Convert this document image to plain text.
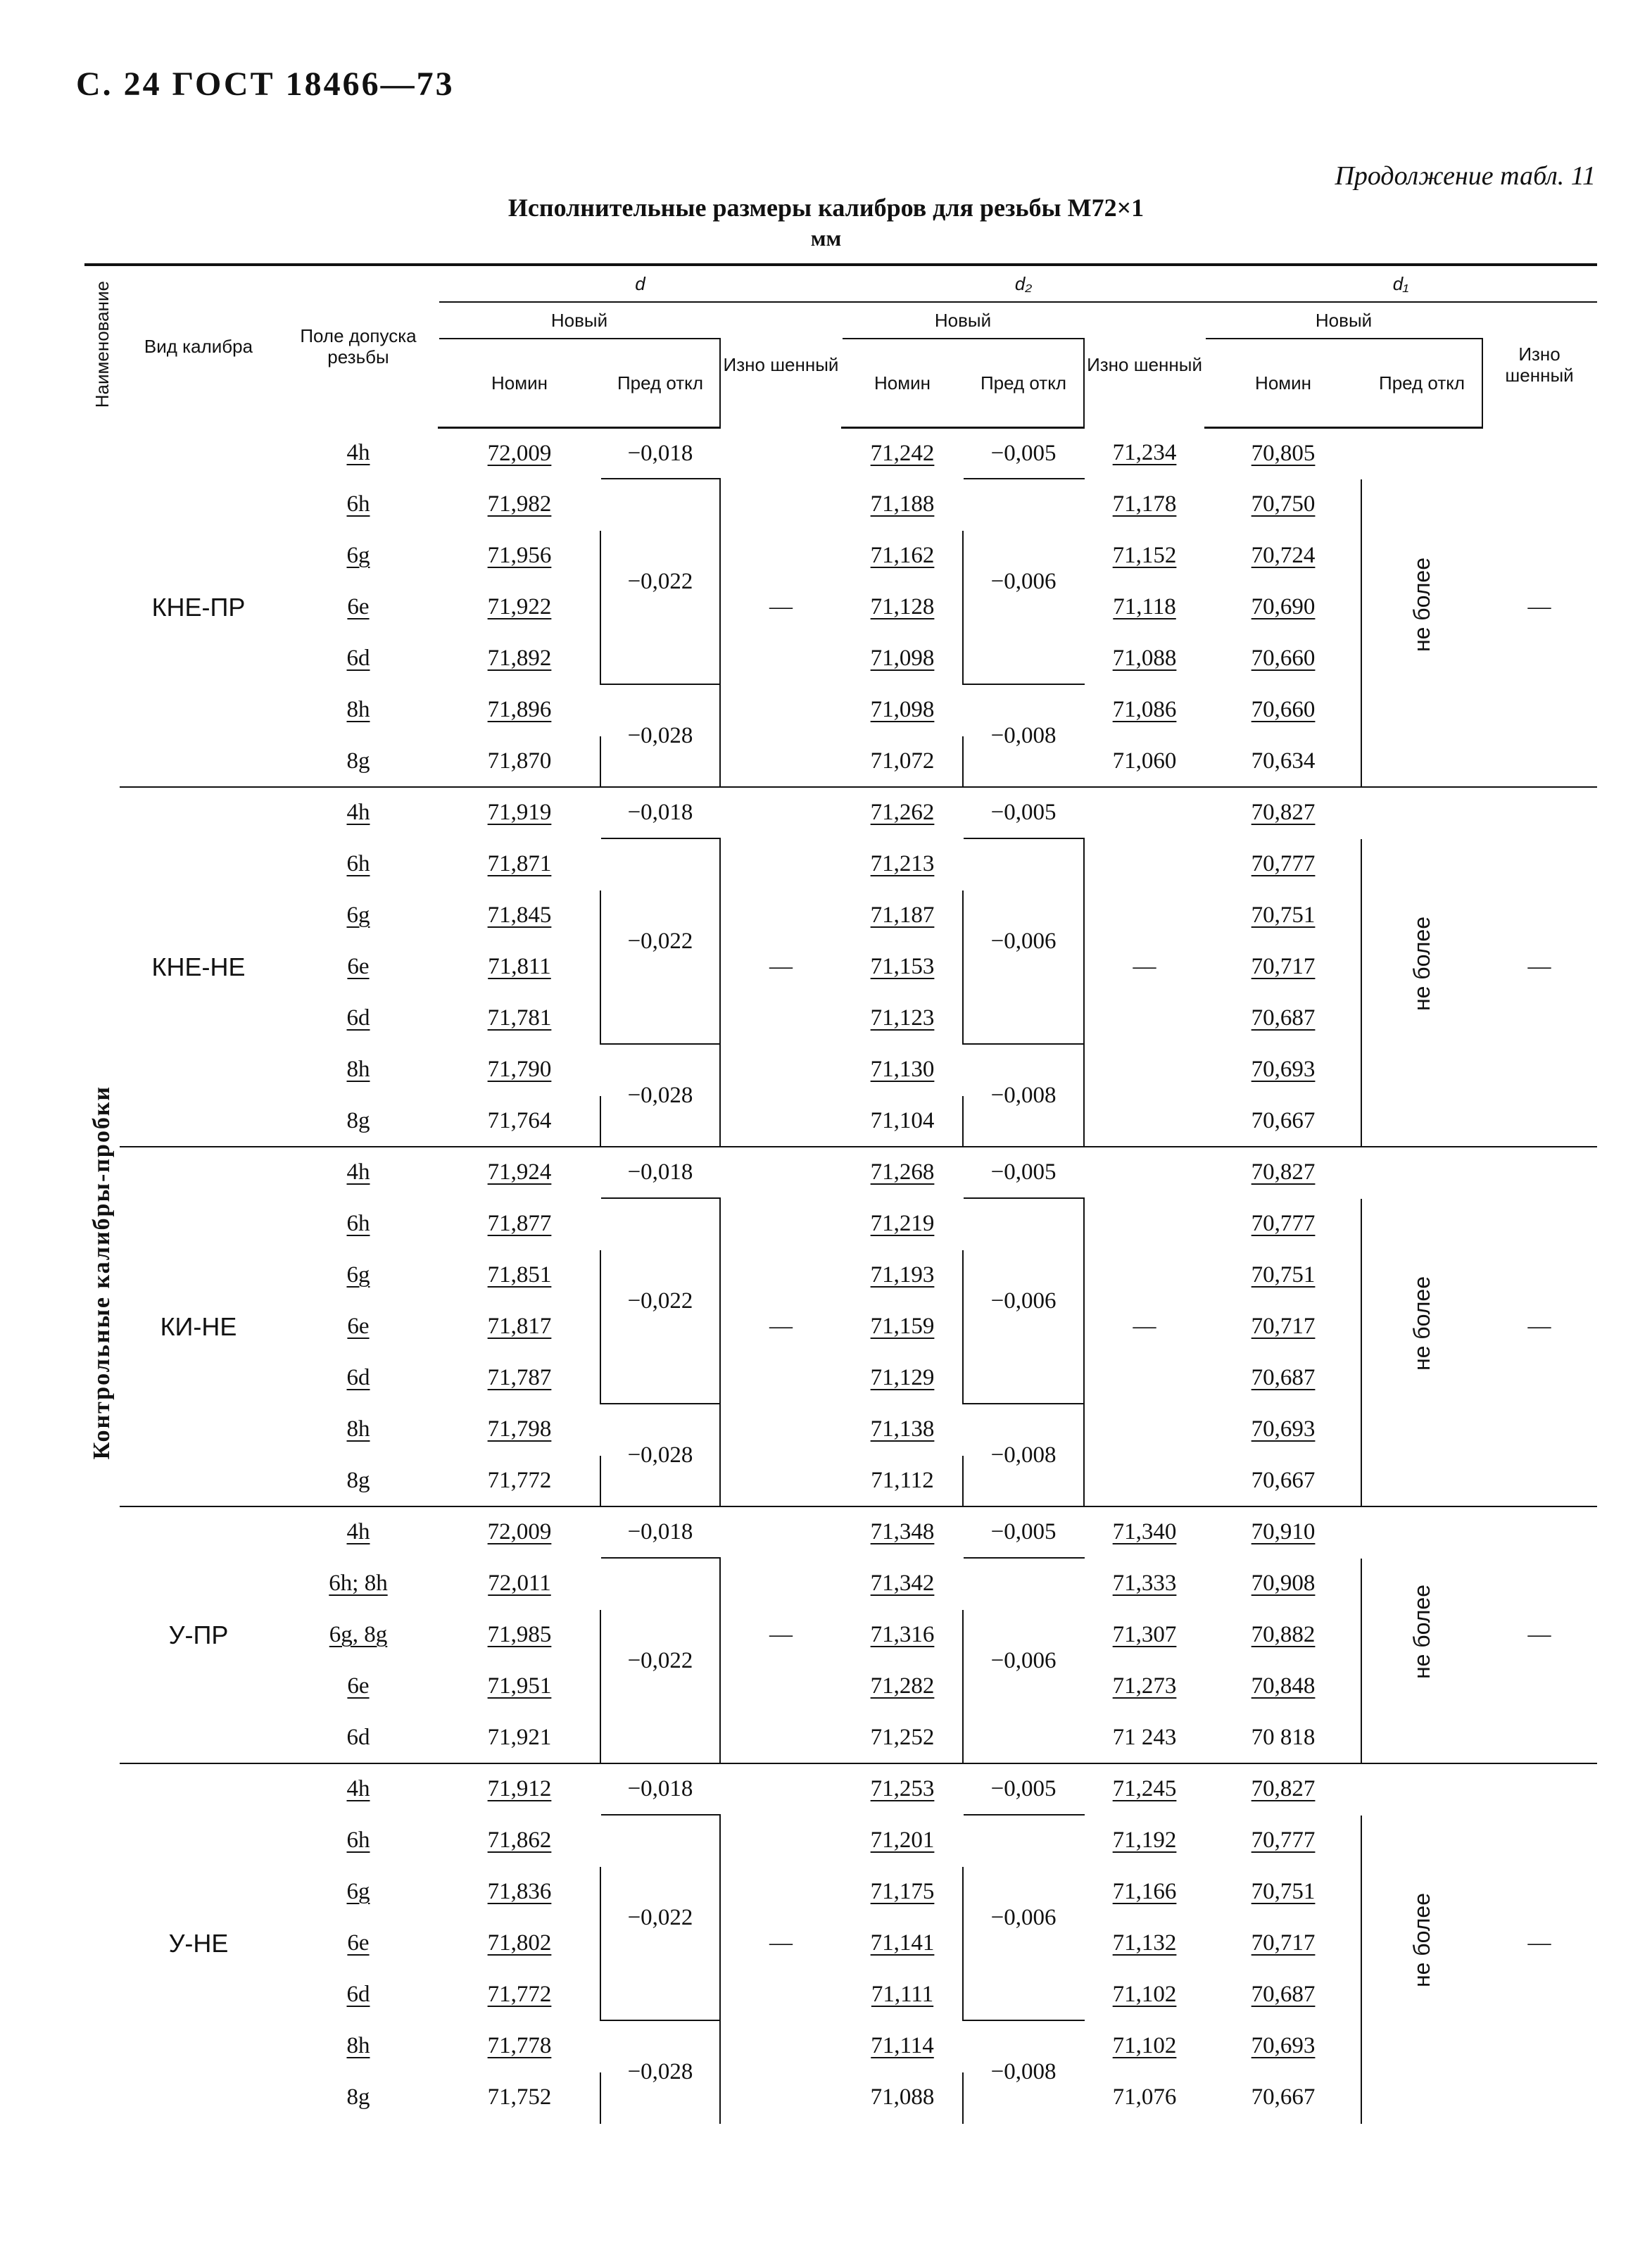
С. 24 ГОСТ 18466—73
Продолжение табл. 11
Исполнительные размеры калибров для резьбы М72×1
мм
Наименование	Вид калибра	Поле допуска резьбы	d			d₂			d₁		
			Новый		Изно шенный	Новый		Изно шенный	Новый		Изно шенный
			Номин	Пред откл		Номин	Пред откл		Номин	Пред откл	
Контрольные калибры-пробки	КНЕ-ПР	4h	72,009	−0,018	—	71,242	−0,005	71,234	70,805	не более	—
		6h	71,982	−0,022		71,188	−0,006	71,178	70,750		
		6g	71,956			71,162		71,152	70,724		
		6e	71,922			71,128		71,118	70,690		
		6d	71,892			71,098		71,088	70,660		
		8h	71,896	−0,028		71,098	−0,008	71,086	70,660		
		8g	71,870			71,072		71,060	70,634		
	КНЕ-НЕ	4h	71,919	−0,018	—	71,262	−0,005	—	70,827	не более	—
		6h	71,871	−0,022		71,213	−0,006		70,777		
		6g	71,845			71,187			70,751		
		6e	71,811			71,153			70,717		
		6d	71,781			71,123			70,687		
		8h	71,790	−0,028		71,130	−0,008		70,693		
		8g	71,764			71,104			70,667		
	КИ-НЕ	4h	71,924	−0,018	—	71,268	−0,005	—	70,827	не более	—
		6h	71,877	−0,022		71,219	−0,006		70,777		
		6g	71,851			71,193			70,751		
		6e	71,817			71,159			70,717		
		6d	71,787			71,129			70,687		
		8h	71,798	−0,028		71,138	−0,008		70,693		
		8g	71,772			71,112			70,667		
	У-ПР	4h	72,009	−0,018	—	71,348	−0,005	71,340	70,910	не более	—
		6h; 8h	72,011	−0,022		71,342	−0,006	71,333	70,908		
		6g, 8g	71,985			71,316		71,307	70,882		
		6e	71,951			71,282		71,273	70,848		
		6d	71,921			71,252		71 243	70 818		
	У-НЕ	4h	71,912	−0,018	—	71,253	−0,005	71,245	70,827	не более	—
		6h	71,862	−0,022		71,201	−0,006	71,192	70,777		
		6g	71,836			71,175		71,166	70,751		
		6e	71,802			71,141		71,132	70,717		
		6d	71,772			71,111		71,102	70,687		
		8h	71,778	−0,028		71,114	−0,008	71,102	70,693		
		8g	71,752			71,088		71,076	70,667		
